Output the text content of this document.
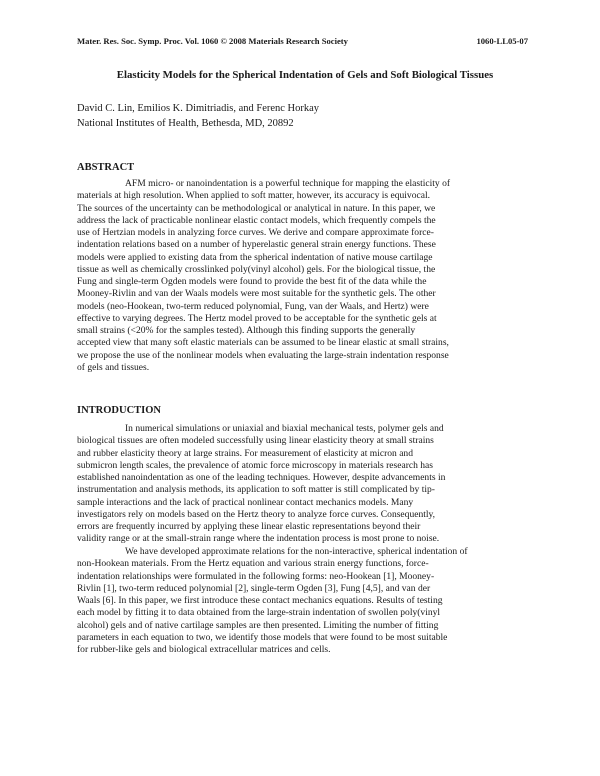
Mater. Res. Soc. Symp. Proc. Vol. 1060 © 2008 Materials Research Society	1060-LL05-07
Elasticity Models for the Spherical Indentation of Gels and Soft Biological Tissues
David C. Lin, Emilios K. Dimitriadis, and Ferenc Horkay
National Institutes of Health, Bethesda, MD, 20892
ABSTRACT
AFM micro- or nanoindentation is a powerful technique for mapping the elasticity of
materials at high resolution. When applied to soft matter, however, its accuracy is equivocal.
The sources of the uncertainty can be methodological or analytical in nature. In this paper, we
address the lack of practicable nonlinear elastic contact models, which frequently compels the
use of Hertzian models in analyzing force curves. We derive and compare approximate force-
indentation relations based on a number of hyperelastic general strain energy functions. These
models were applied to existing data from the spherical indentation of native mouse cartilage
tissue as well as chemically crosslinked poly(vinyl alcohol) gels. For the biological tissue, the
Fung and single-term Ogden models were found to provide the best fit of the data while the
Mooney-Rivlin and van der Waals models were most suitable for the synthetic gels. The other
models (neo-Hookean, two-term reduced polynomial, Fung, van der Waals, and Hertz) were
effective to varying degrees. The Hertz model proved to be acceptable for the synthetic gels at
small strains (<20% for the samples tested). Although this finding supports the generally
accepted view that many soft elastic materials can be assumed to be linear elastic at small strains,
we propose the use of the nonlinear models when evaluating the large-strain indentation response
of gels and tissues.
INTRODUCTION
In numerical simulations or uniaxial and biaxial mechanical tests, polymer gels and
biological tissues are often modeled successfully using linear elasticity theory at small strains
and rubber elasticity theory at large strains. For measurement of elasticity at micron and
submicron length scales, the prevalence of atomic force microscopy in materials research has
established nanoindentation as one of the leading techniques. However, despite advancements in
instrumentation and analysis methods, its application to soft matter is still complicated by tip-
sample interactions and the lack of practical nonlinear contact mechanics models. Many
investigators rely on models based on the Hertz theory to analyze force curves. Consequently,
errors are frequently incurred by applying these linear elastic representations beyond their
validity range or at the small-strain range where the indentation process is most prone to noise.
We have developed approximate relations for the non-interactive, spherical indentation of
non-Hookean materials. From the Hertz equation and various strain energy functions, force-
indentation relationships were formulated in the following forms: neo-Hookean [1], Mooney-
Rivlin [1], two-term reduced polynomial [2], single-term Ogden [3], Fung [4,5], and van der
Waals [6]. In this paper, we first introduce these contact mechanics equations. Results of testing
each model by fitting it to data obtained from the large-strain indentation of swollen poly(vinyl
alcohol) gels and of native cartilage samples are then presented. Limiting the number of fitting
parameters in each equation to two, we identify those models that were found to be most suitable
for rubber-like gels and biological extracellular matrices and cells.
